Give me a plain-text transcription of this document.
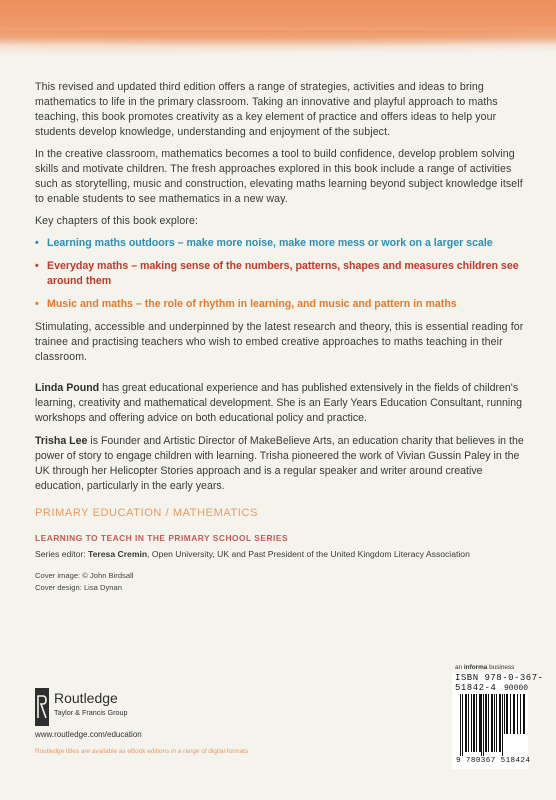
This revised and updated third edition offers a range of strategies, activities and ideas to bring mathematics to life in the primary classroom. Taking an innovative and playful approach to maths teaching, this book promotes creativity as a key element of practice and offers ideas to help your students develop knowledge, understanding and enjoyment of the subject.

In the creative classroom, mathematics becomes a tool to build confidence, develop problem solving skills and motivate children. The fresh approaches explored in this book include a range of activities such as storytelling, music and construction, elevating maths learning beyond subject knowledge itself to enable students to see mathematics in a new way.

Key chapters of this book explore:

• Learning maths outdoors – make more noise, make more mess or work on a larger scale
• Everyday maths – making sense of the numbers, patterns, shapes and measures children see around them
• Music and maths – the role of rhythm in learning, and music and pattern in maths

Stimulating, accessible and underpinned by the latest research and theory, this is essential reading for trainee and practising teachers who wish to embed creative approaches to maths teaching in their classroom.

Linda Pound has great educational experience and has published extensively in the fields of children's learning, creativity and mathematical development. She is an Early Years Education Consultant, running workshops and offering advice on both educational policy and practice.

Trisha Lee is Founder and Artistic Director of MakeBelieve Arts, an education charity that believes in the power of story to engage children with learning. Trisha pioneered the work of Vivian Gussin Paley in the UK through her Helicopter Stories approach and is a regular speaker and writer around creative education, particularly in the early years.

PRIMARY EDUCATION / MATHEMATICS
LEARNING TO TEACH IN THE PRIMARY SCHOOL SERIES
Series editor: Teresa Cremin, Open University, UK and Past President of the United Kingdom Literacy Association
Cover image: © John Birdsall
Cover design: Lisa Dynan
an informa business
ISBN 978-0-367-51842-4 90000
9 780367 518424
Routledge
Taylor & Francis Group
www.routledge.com/education
Routledge titles are available as eBook editions in a range of digital formats
